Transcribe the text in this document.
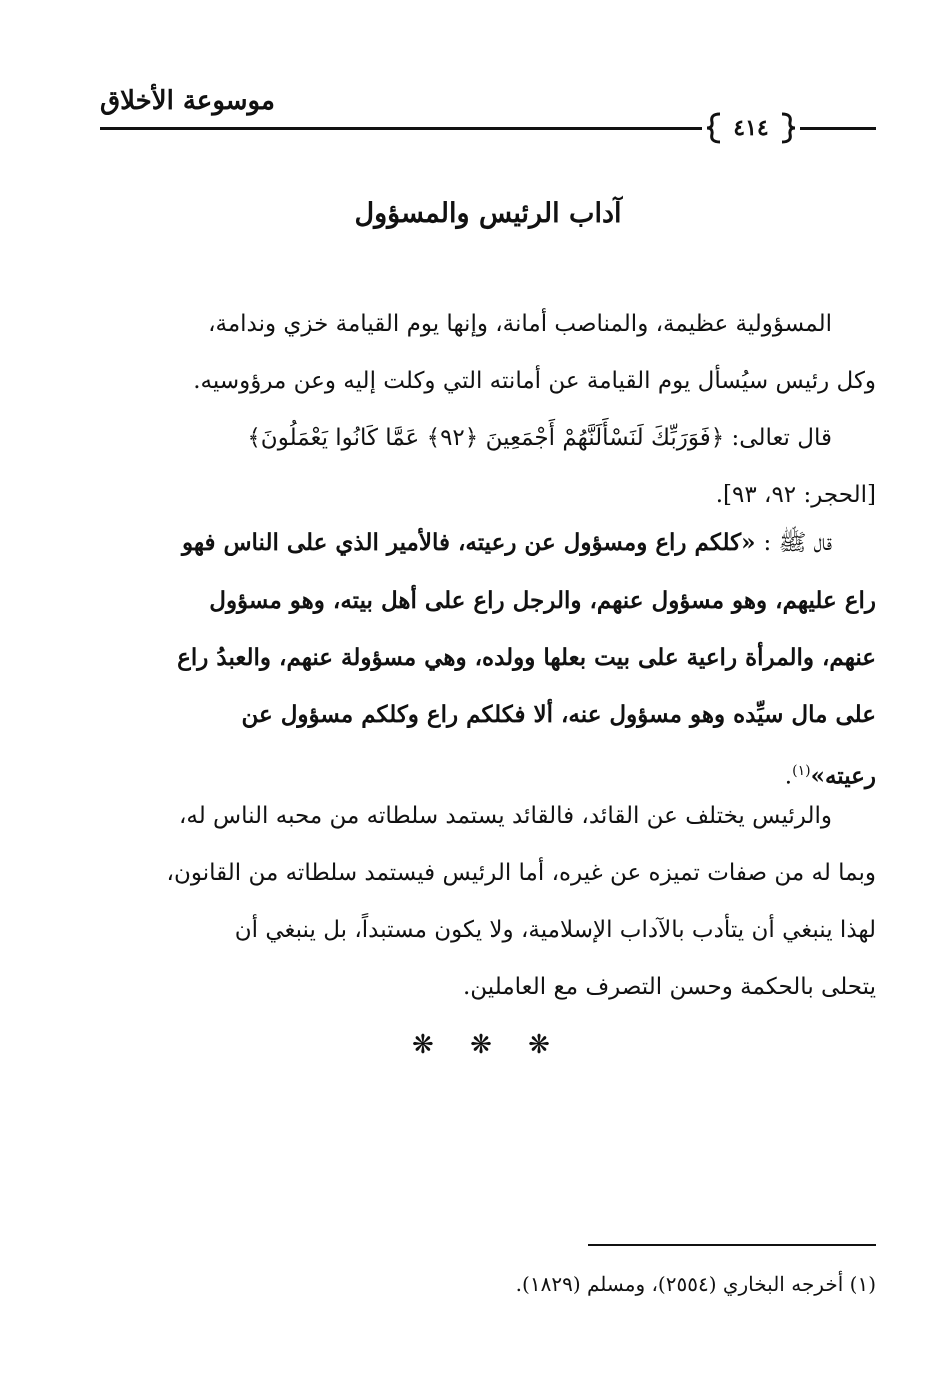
موسوعة الأخلاق
٤١٤
آداب الرئيس والمسؤول
المسؤولية عظيمة، والمناصب أمانة، وإنها يوم القيامة خزي وندامة،
وكل رئيس سيُسأل يوم القيامة عن أمانته التي وكلت إليه وعن مرؤوسيه.
قال تعالى: ﴿فَوَرَبِّكَ لَنَسْأَلَنَّهُمْ أَجْمَعِينَ ﴿٩٢﴾ عَمَّا كَانُوا يَعْمَلُونَ﴾
[الحجر: ٩٢، ٩٣].
قال ﷺ : «كلكم راع ومسؤول عن رعيته، فالأمير الذي على الناس فهو
راع عليهم، وهو مسؤول عنهم، والرجل راع على أهل بيته، وهو مسؤول
عنهم، والمرأة راعية على بيت بعلها وولده، وهي مسؤولة عنهم، والعبدُ راع
على مال سيِّده وهو مسؤول عنه، ألا فكلكم راع وكلكم مسؤول عن
رعيته»$^{(١)}$.
والرئيس يختلف عن القائد، فالقائد يستمد سلطاته من محبه الناس له،
وبما له من صفات تميزه عن غيره، أما الرئيس فيستمد سلطاته من القانون،
لهذا ينبغي أن يتأدب بالآداب الإسلامية، ولا يكون مستبداً، بل ينبغي أن
يتحلى بالحكمة وحسن التصرف مع العاملين.
❋ ❋ ❋
(١) أخرجه البخاري (٢٥٥٤)، ومسلم (١٨٢٩).
